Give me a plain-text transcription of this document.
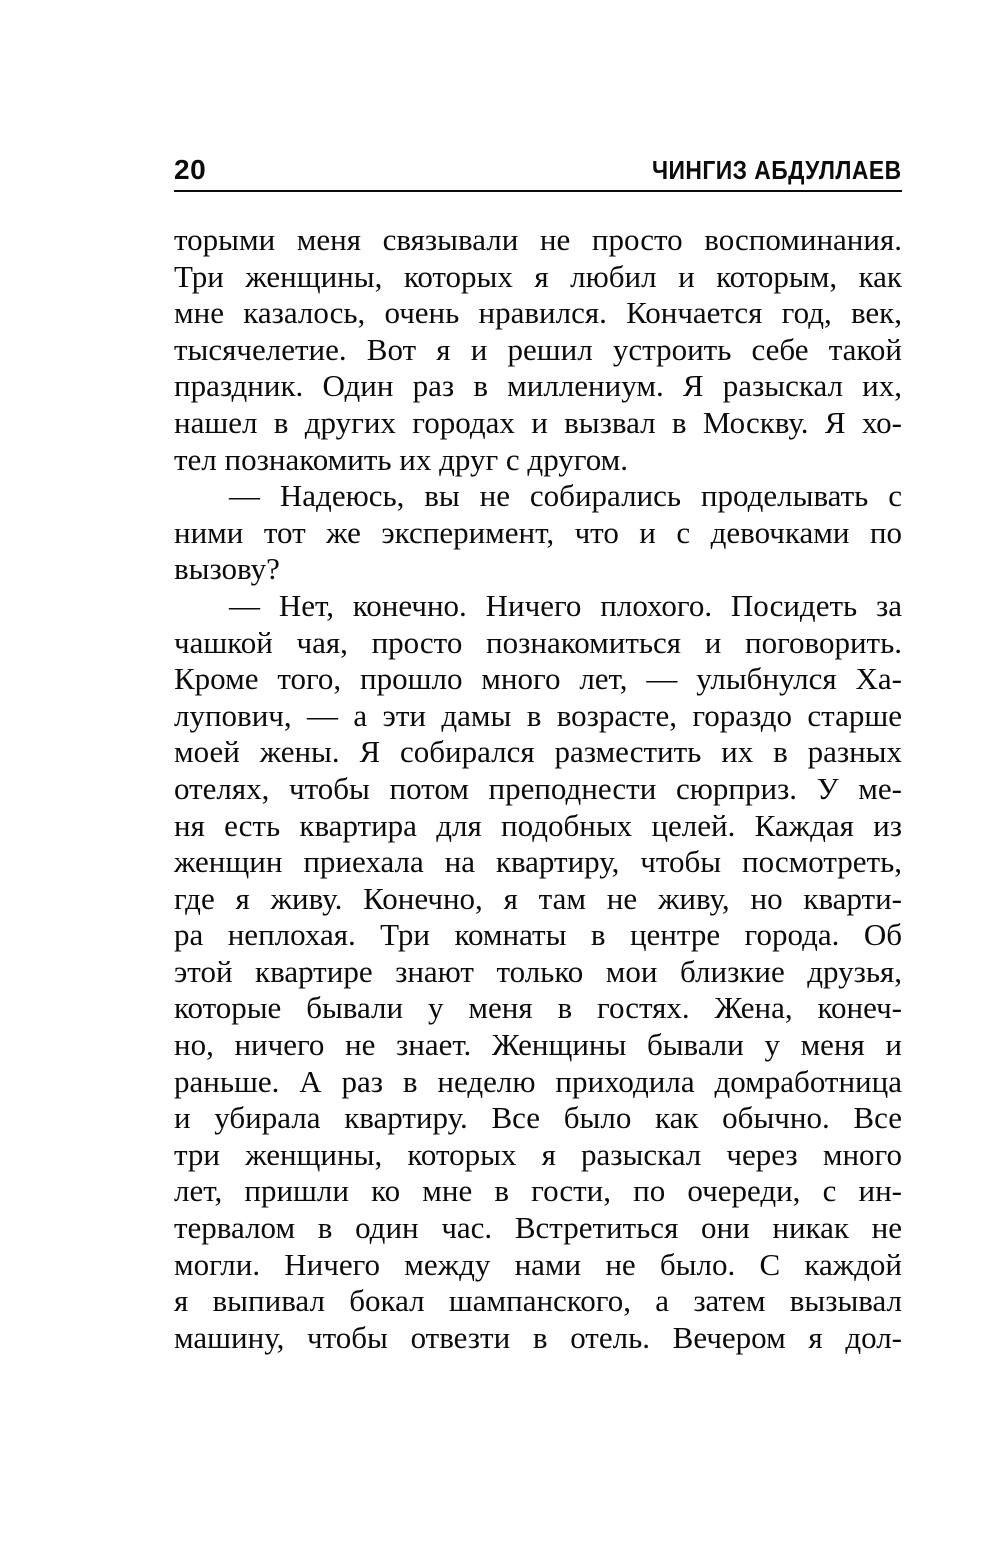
20	ЧИНГИЗ АБДУЛЛАЕВ
торыми меня связывали не просто воспоминания.
Три женщины, которых я любил и которым, как
мне казалось, очень нравился. Кончается год, век,
тысячелетие. Вот я и решил устроить себе такой
праздник. Один раз в миллениум. Я разыскал их,
нашел в других городах и вызвал в Москву. Я хо-
тел познакомить их друг с другом.
— Надеюсь, вы не собирались проделывать с
ними тот же эксперимент, что и с девочками по
вызову?
— Нет, конечно. Ничего плохого. Посидеть за
чашкой чая, просто познакомиться и поговорить.
Кроме того, прошло много лет, — улыбнулся Ха-
лупович, — а эти дамы в возрасте, гораздо старше
моей жены. Я собирался разместить их в разных
отелях, чтобы потом преподнести сюрприз. У ме-
ня есть квартира для подобных целей. Каждая из
женщин приехала на квартиру, чтобы посмотреть,
где я живу. Конечно, я там не живу, но кварти-
ра неплохая. Три комнаты в центре города. Об
этой квартире знают только мои близкие друзья,
которые бывали у меня в гостях. Жена, конеч-
но, ничего не знает. Женщины бывали у меня и
раньше. А раз в неделю приходила домработница
и убирала квартиру. Все было как обычно. Все
три женщины, которых я разыскал через много
лет, пришли ко мне в гости, по очереди, с ин-
тервалом в один час. Встретиться они никак не
могли. Ничего между нами не было. С каждой
я выпивал бокал шампанского, а затем вызывал
машину, чтобы отвезти в отель. Вечером я дол-
